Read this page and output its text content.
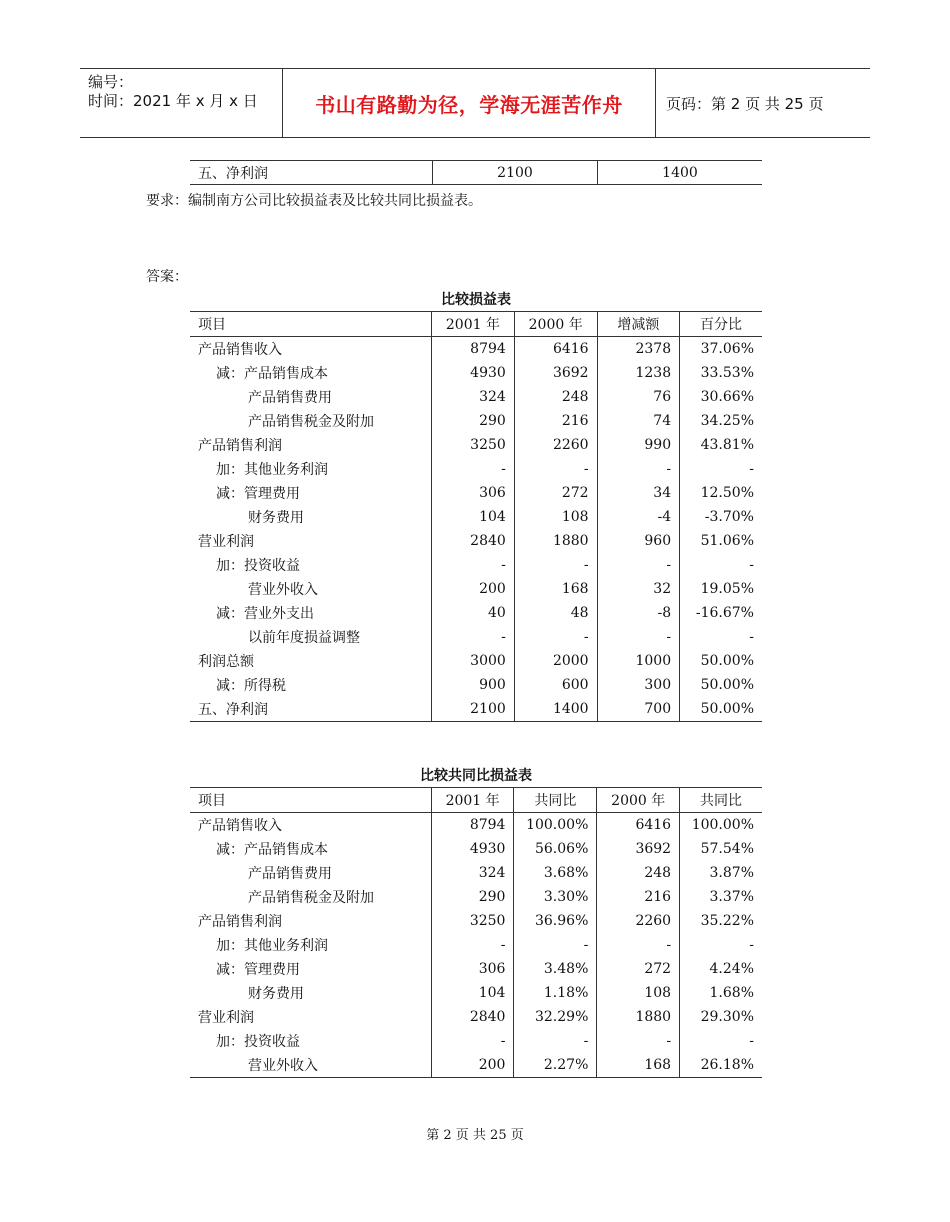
编号：
时间：2021 年 x 月 x 日	书山有路勤为径，学海无涯苦作舟	页码：第 2 页 共 25 页
五、净利润	2100	1400
要求：编制南方公司比较损益表及比较共同比损益表。
答案：
比较损益表
项目	2001 年	2000 年	增减额	百分比
产品销售收入	8794	6416	2378	37.06%
减：产品销售成本	4930	3692	1238	33.53%
产品销售费用	324	248	76	30.66%
产品销售税金及附加	290	216	74	34.25%
产品销售利润	3250	2260	990	43.81%
加：其他业务利润	-	-	-	-
减：管理费用	306	272	34	12.50%
财务费用	104	108	-4	-3.70%
营业利润	2840	1880	960	51.06%
加：投资收益	-	-	-	-
营业外收入	200	168	32	19.05%
减：营业外支出	40	48	-8	-16.67%
以前年度损益调整	-	-	-	-
利润总额	3000	2000	1000	50.00%
减：所得税	900	600	300	50.00%
五、净利润	2100	1400	700	50.00%
比较共同比损益表
项目	2001 年	共同比	2000 年	共同比
产品销售收入	8794	100.00%	6416	100.00%
减：产品销售成本	4930	56.06%	3692	57.54%
产品销售费用	324	3.68%	248	3.87%
产品销售税金及附加	290	3.30%	216	3.37%
产品销售利润	3250	36.96%	2260	35.22%
加：其他业务利润	-	-	-	-
减：管理费用	306	3.48%	272	4.24%
财务费用	104	1.18%	108	1.68%
营业利润	2840	32.29%	1880	29.30%
加：投资收益	-	-	-	-
营业外收入	200	2.27%	168	26.18%
第 2 页 共 25 页
